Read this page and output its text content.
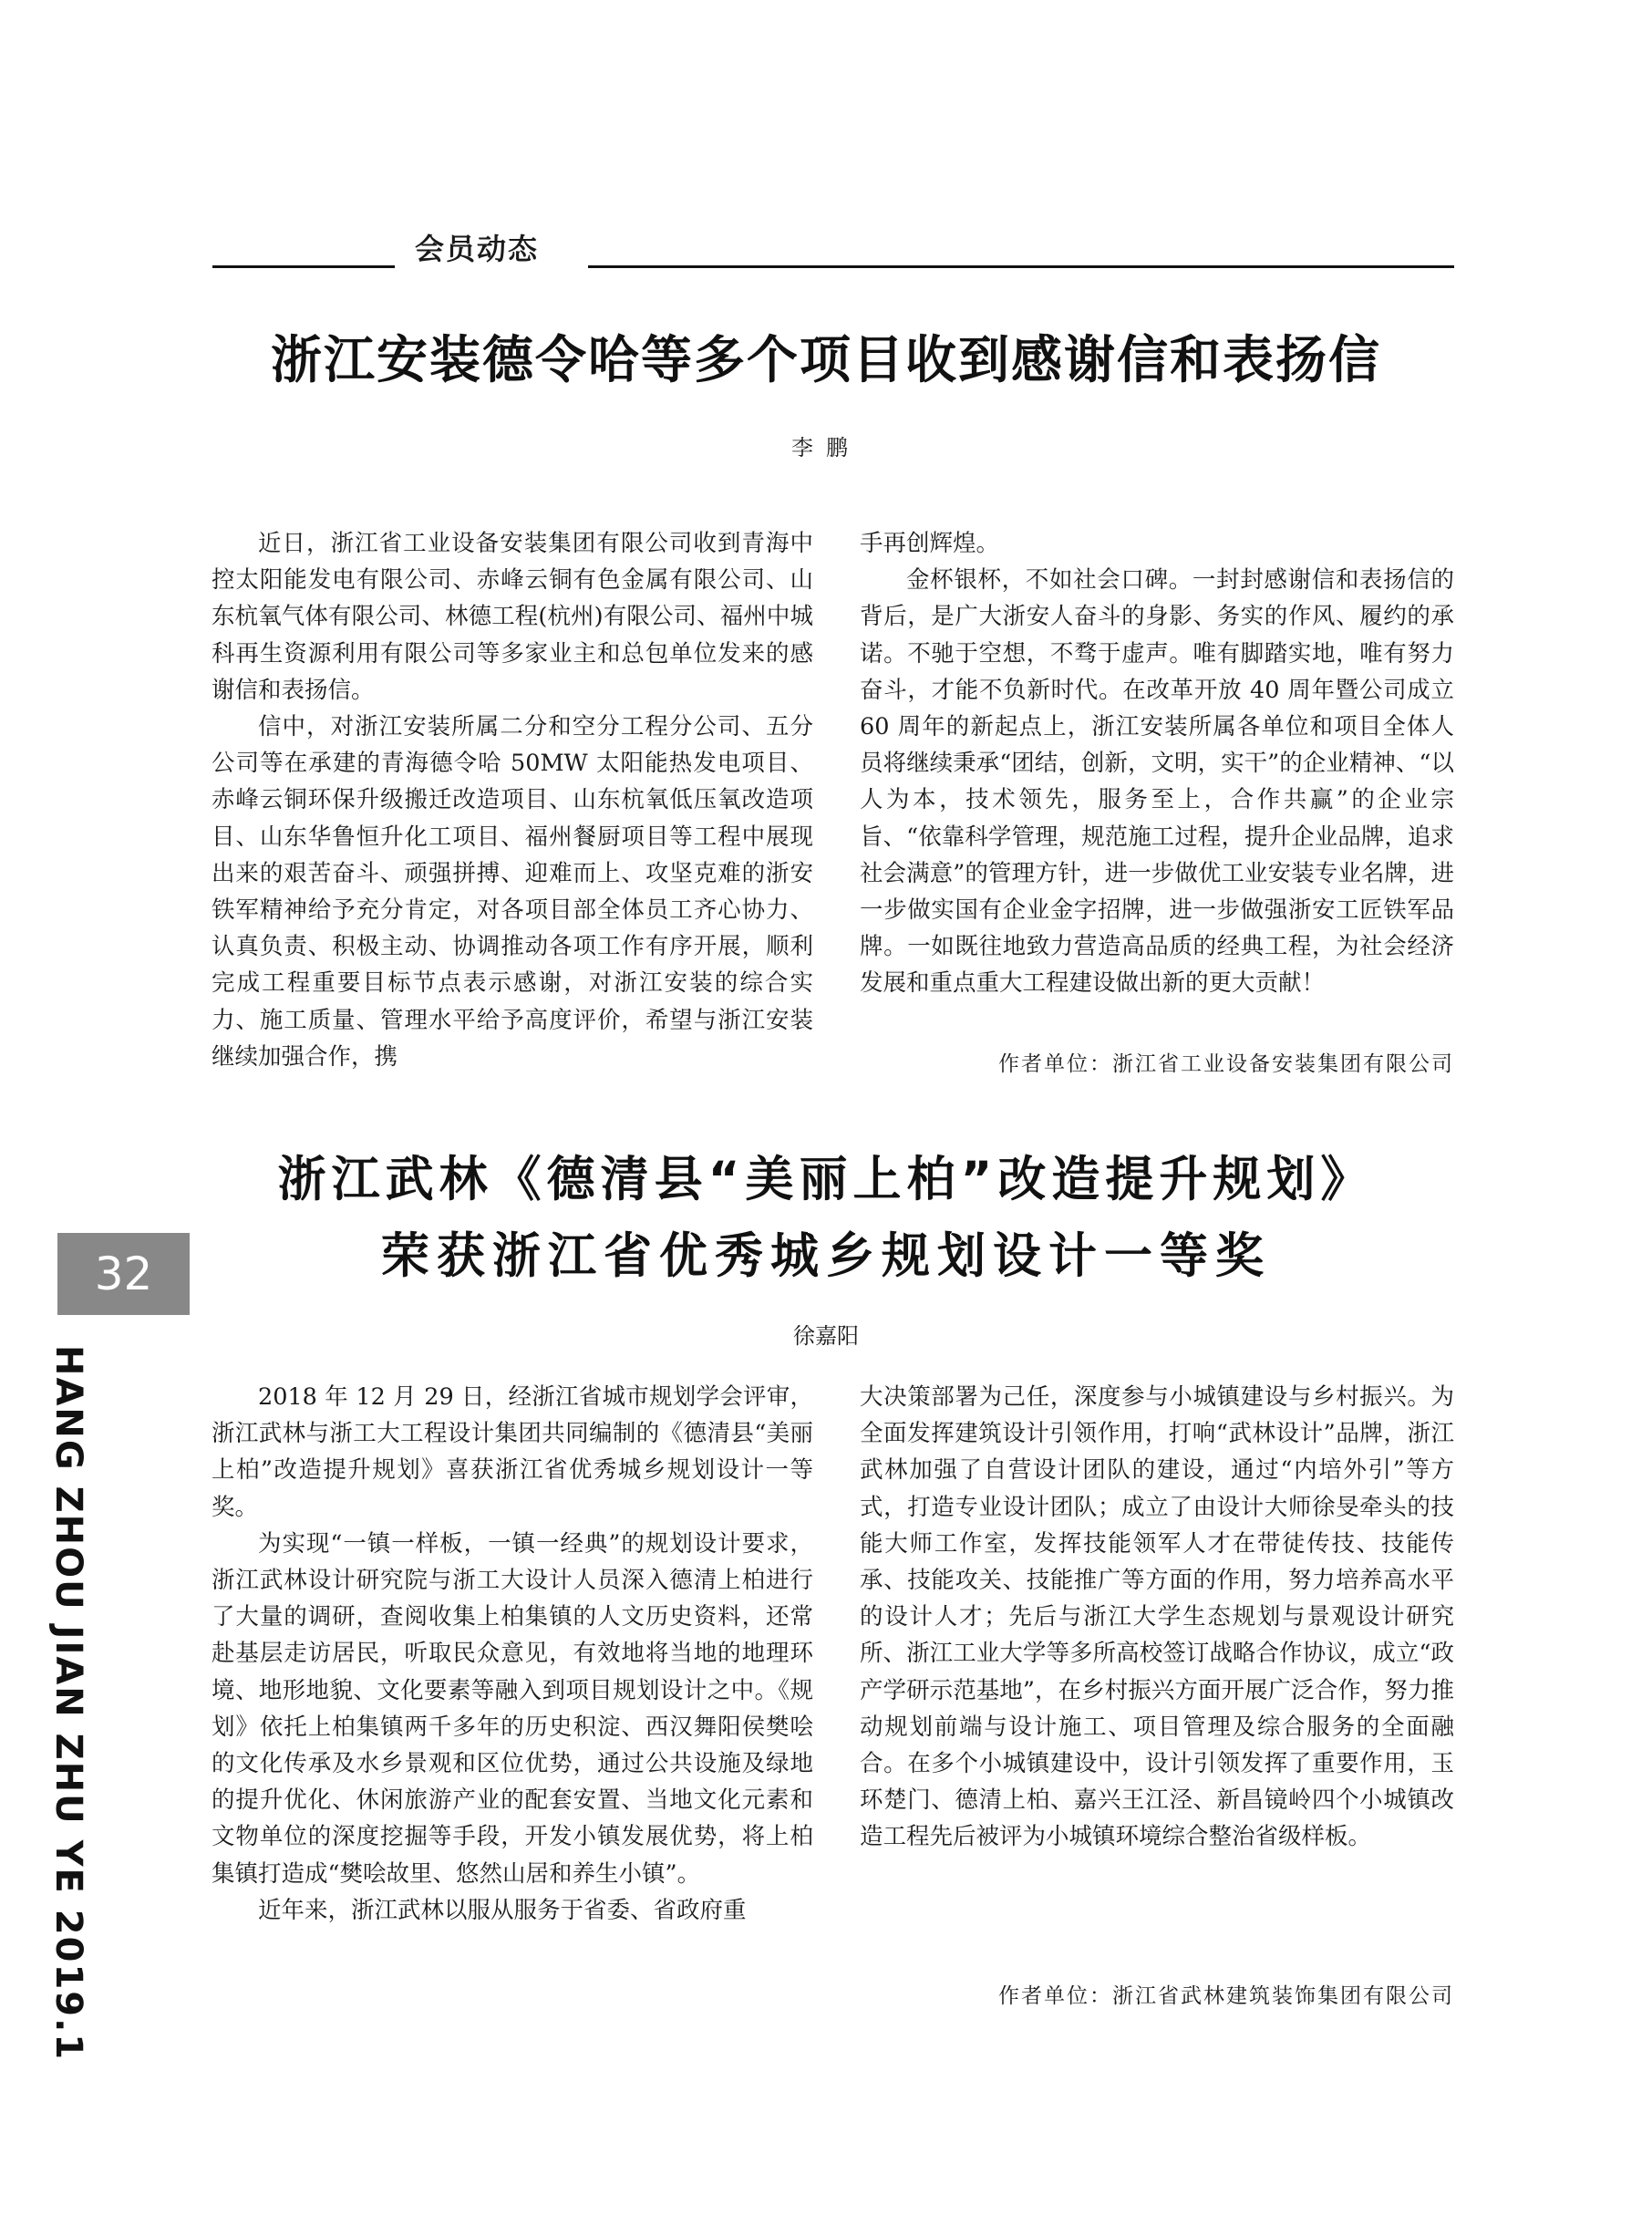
会员动态
浙江安装德令哈等多个项目收到感谢信和表扬信
李鹏

近日，浙江省工业设备安装集团有限公司收到青海中控太阳能发电有限公司、赤峰云铜有色金属有限公司、山东杭氧气体有限公司、林德工程(杭州)有限公司、福州中城科再生资源利用有限公司等多家业主和总包单位发来的感谢信和表扬信。

信中，对浙江安装所属二分和空分工程分公司、五分公司等在承建的青海德令哈 50MW 太阳能热发电项目、赤峰云铜环保升级搬迁改造项目、山东杭氧低压氧改造项目、山东华鲁恒升化工项目、福州餐厨项目等工程中展现出来的艰苦奋斗、顽强拼搏、迎难而上、攻坚克难的浙安铁军精神给予充分肯定，对各项目部全体员工齐心协力、认真负责、积极主动、协调推动各项工作有序开展，顺利完成工程重要目标节点表示感谢，对浙江安装的综合实力、施工质量、管理水平给予高度评价，希望与浙江安装继续加强合作，携

手再创辉煌。

金杯银杯，不如社会口碑。一封封感谢信和表扬信的背后，是广大浙安人奋斗的身影、务实的作风、履约的承诺。不驰于空想，不骛于虚声。唯有脚踏实地，唯有努力奋斗，才能不负新时代。在改革开放 40 周年暨公司成立 60 周年的新起点上，浙江安装所属各单位和项目全体人员将继续秉承“团结，创新，文明，实干”的企业精神、“以人为本，技术领先，服务至上，合作共赢”的企业宗旨、“依靠科学管理，规范施工过程，提升企业品牌，追求社会满意”的管理方针，进一步做优工业安装专业名牌，进一步做实国有企业金字招牌，进一步做强浙安工匠铁军品牌。一如既往地致力营造高品质的经典工程，为社会经济发展和重点重大工程建设做出新的更大贡献！

作者单位：浙江省工业设备安装集团有限公司
浙江武林《德清县“美丽上柏”改造提升规划》
荣获浙江省优秀城乡规划设计一等奖
徐嘉阳

2018 年 12 月 29 日，经浙江省城市规划学会评审，浙江武林与浙工大工程设计集团共同编制的《德清县“美丽上柏”改造提升规划》喜获浙江省优秀城乡规划设计一等奖。

为实现“一镇一样板，一镇一经典”的规划设计要求，浙江武林设计研究院与浙工大设计人员深入德清上柏进行了大量的调研，查阅收集上柏集镇的人文历史资料，还常赴基层走访居民，听取民众意见，有效地将当地的地理环境、地形地貌、文化要素等融入到项目规划设计之中。《规划》依托上柏集镇两千多年的历史积淀、西汉舞阳侯樊哙的文化传承及水乡景观和区位优势，通过公共设施及绿地的提升优化、休闲旅游产业的配套安置、当地文化元素和文物单位的深度挖掘等手段，开发小镇发展优势，将上柏集镇打造成“樊哙故里、悠然山居和养生小镇”。

近年来，浙江武林以服从服务于省委、省政府重

大决策部署为己任，深度参与小城镇建设与乡村振兴。为全面发挥建筑设计引领作用，打响“武林设计”品牌，浙江武林加强了自营设计团队的建设，通过“内培外引”等方式，打造专业设计团队；成立了由设计大师徐旻牵头的技能大师工作室，发挥技能领军人才在带徒传技、技能传承、技能攻关、技能推广等方面的作用，努力培养高水平的设计人才；先后与浙江大学生态规划与景观设计研究所、浙江工业大学等多所高校签订战略合作协议，成立“政产学研示范基地”，在乡村振兴方面开展广泛合作，努力推动规划前端与设计施工、项目管理及综合服务的全面融合。在多个小城镇建设中，设计引领发挥了重要作用，玉环楚门、德清上柏、嘉兴王江泾、新昌镜岭四个小城镇改造工程先后被评为小城镇环境综合整治省级样板。

作者单位：浙江省武林建筑装饰集团有限公司
32
HANG ZHOU JIAN ZHU YE 2019.1
